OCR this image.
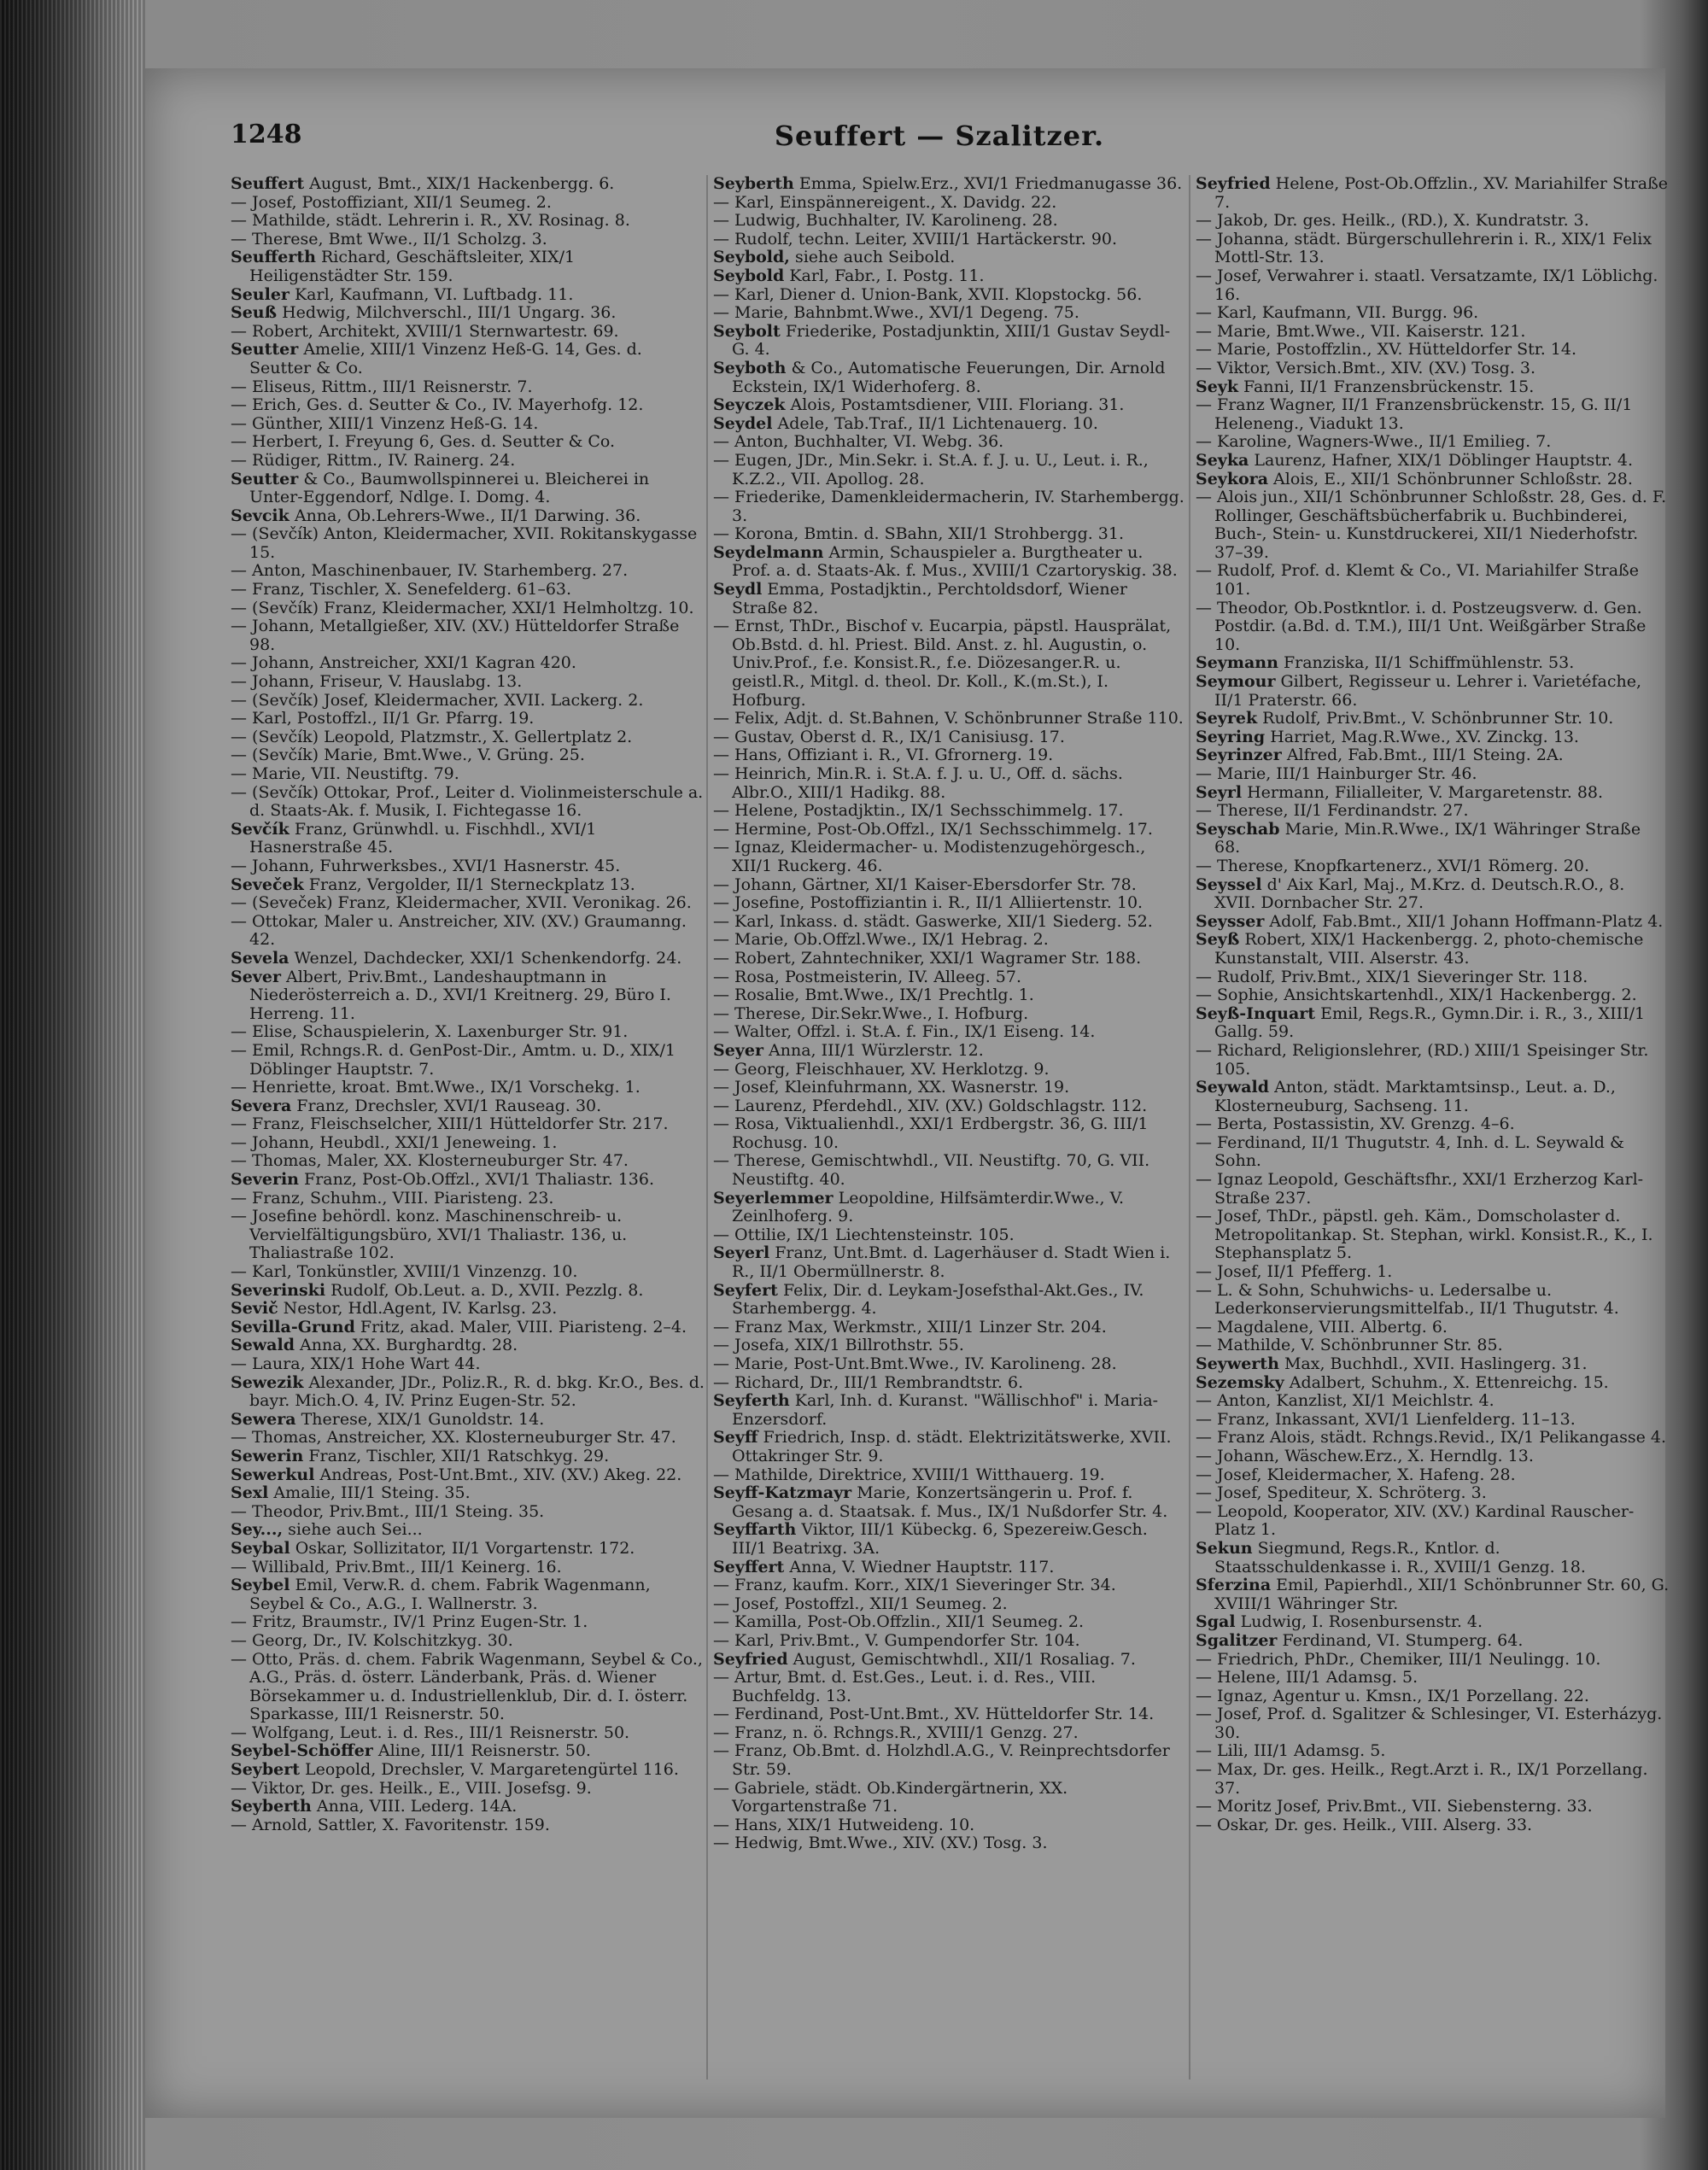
1248	Seuffert — Szalitzer.
Seuffert August, Bmt., XIX/1 Hackenbergg. 6.
— Josef, Postoffiziant, XII/1 Seumeg. 2.
— Mathilde, städt. Lehrerin i. R., XV. Rosinag. 8.
— Therese, Bmt Wwe., II/1 Scholzg. 3.
Seufferth Richard, Geschäftsleiter, XIX/1 Heiligenstädter Str. 159.
Seuler Karl, Kaufmann, VI. Luftbadg. 11.
Seuß Hedwig, Milchverschl., III/1 Ungarg. 36.
— Robert, Architekt, XVIII/1 Sternwartestr. 69.
Seutter Amelie, XIII/1 Vinzenz Heß-G. 14, Ges. d. Seutter & Co.
— Eliseus, Rittm., III/1 Reisnerstr. 7.
— Erich, Ges. d. Seutter & Co., IV. Mayerhofg. 12.
— Günther, XIII/1 Vinzenz Heß-G. 14.
— Herbert, I. Freyung 6, Ges. d. Seutter & Co.
— Rüdiger, Rittm., IV. Rainerg. 24.
Seutter & Co., Baumwollspinnerei u. Bleicherei in Unter-Eggendorf, Ndlge. I. Domg. 4.
Sevcik Anna, Ob.Lehrers-Wwe., II/1 Darwing. 36.
— (Sevčík) Anton, Kleidermacher, XVII. Rokitanskygasse 15.
— Anton, Maschinenbauer, IV. Starhemberg. 27.
— Franz, Tischler, X. Senefelderg. 61–63.
— (Sevčík) Franz, Kleidermacher, XXI/1 Helmholtzg. 10.
— Johann, Metallgießer, XIV. (XV.) Hütteldorfer Straße 98.
— Johann, Anstreicher, XXI/1 Kagran 420.
— Johann, Friseur, V. Hauslabg. 13.
— (Sevčík) Josef, Kleidermacher, XVII. Lackerg. 2.
— Karl, Postoffzl., II/1 Gr. Pfarrg. 19.
— (Sevčík) Leopold, Platzmstr., X. Gellertplatz 2.
— (Sevčík) Marie, Bmt.Wwe., V. Grüng. 25.
— Marie, VII. Neustiftg. 79.
— (Sevčík) Ottokar, Prof., Leiter d. Violinmeisterschule a. d. Staats-Ak. f. Musik, I. Fichtegasse 16.
Sevčík Franz, Grünwhdl. u. Fischhdl., XVI/1 Hasnerstraße 45.
— Johann, Fuhrwerksbes., XVI/1 Hasnerstr. 45.
Seveček Franz, Vergolder, II/1 Sterneckplatz 13.
— (Seveček) Franz, Kleidermacher, XVII. Veronikag. 26.
— Ottokar, Maler u. Anstreicher, XIV. (XV.) Graumanng. 42.
Sevela Wenzel, Dachdecker, XXI/1 Schenkendorfg. 24.
Sever Albert, Priv.Bmt., Landeshauptmann in Niederösterreich a. D., XVI/1 Kreitnerg. 29, Büro I. Herreng. 11.
— Elise, Schauspielerin, X. Laxenburger Str. 91.
— Emil, Rchngs.R. d. GenPost-Dir., Amtm. u. D., XIX/1 Döblinger Hauptstr. 7.
— Henriette, kroat. Bmt.Wwe., IX/1 Vorschekg. 1.
Severa Franz, Drechsler, XVI/1 Rauseag. 30.
— Franz, Fleischselcher, XIII/1 Hütteldorfer Str. 217.
— Johann, Heubdl., XXI/1 Jeneweing. 1.
— Thomas, Maler, XX. Klosterneuburger Str. 47.
Severin Franz, Post-Ob.Offzl., XVI/1 Thaliastr. 136.
— Franz, Schuhm., VIII. Piaristeng. 23.
— Josefine behördl. konz. Maschinenschreib- u. Vervielfältigungsbüro, XVI/1 Thaliastr. 136, u. Thaliastraße 102.
— Karl, Tonkünstler, XVIII/1 Vinzenzg. 10.
Severinski Rudolf, Ob.Leut. a. D., XVII. Pezzlg. 8.
Sevič Nestor, Hdl.Agent, IV. Karlsg. 23.
Sevilla-Grund Fritz, akad. Maler, VIII. Piaristeng. 2–4.
Sewald Anna, XX. Burghardtg. 28.
— Laura, XIX/1 Hohe Wart 44.
Sewezik Alexander, JDr., Poliz.R., R. d. bkg. Kr.O., Bes. d. bayr. Mich.O. 4, IV. Prinz Eugen-Str. 52.
Sewera Therese, XIX/1 Gunoldstr. 14.
— Thomas, Anstreicher, XX. Klosterneuburger Str. 47.
Sewerin Franz, Tischler, XII/1 Ratschkyg. 29.
Sewerkul Andreas, Post-Unt.Bmt., XIV. (XV.) Akeg. 22.
Sexl Amalie, III/1 Steing. 35.
— Theodor, Priv.Bmt., III/1 Steing. 35.
Sey..., siehe auch Sei...
Seybal Oskar, Sollizitator, II/1 Vorgartenstr. 172.
— Willibald, Priv.Bmt., III/1 Keinerg. 16.
Seybel Emil, Verw.R. d. chem. Fabrik Wagenmann, Seybel & Co., A.G., I. Wallnerstr. 3.
— Fritz, Braumstr., IV/1 Prinz Eugen-Str. 1.
— Georg, Dr., IV. Kolschitzkyg. 30.
— Otto, Präs. d. chem. Fabrik Wagenmann, Seybel & Co., A.G., Präs. d. österr. Länderbank, Präs. d. Wiener Börsekammer u. d. Industriellenklub, Dir. d. I. österr. Sparkasse, III/1 Reisnerstr. 50.
— Wolfgang, Leut. i. d. Res., III/1 Reisnerstr. 50.
Seybel-Schöffer Aline, III/1 Reisnerstr. 50.
Seybert Leopold, Drechsler, V. Margaretengürtel 116.
— Viktor, Dr. ges. Heilk., E., VIII. Josefsg. 9.
Seyberth Anna, VIII. Lederg. 14A.
— Arnold, Sattler, X. Favoritenstr. 159.
Seyberth Emma, Spielw.Erz., XVI/1 Friedmanugasse 36.
— Karl, Einspännereigent., X. Davidg. 22.
— Ludwig, Buchhalter, IV. Karolineng. 28.
— Rudolf, techn. Leiter, XVIII/1 Hartäckerstr. 90.
Seybold, siehe auch Seibold.
Seybold Karl, Fabr., I. Postg. 11.
— Karl, Diener d. Union-Bank, XVII. Klopstockg. 56.
— Marie, Bahnbmt.Wwe., XVI/1 Degeng. 75.
Seybolt Friederike, Postadjunktin, XIII/1 Gustav Seydl-G. 4.
Seyboth & Co., Automatische Feuerungen, Dir. Arnold Eckstein, IX/1 Widerhoferg. 8.
Seyczek Alois, Postamtsdiener, VIII. Floriang. 31.
Seydel Adele, Tab.Traf., II/1 Lichtenauerg. 10.
— Anton, Buchhalter, VI. Webg. 36.
— Eugen, JDr., Min.Sekr. i. St.A. f. J. u. U., Leut. i. R., K.Z.2., VII. Apollog. 28.
— Friederike, Damenkleidermacherin, IV. Starhembergg. 3.
— Korona, Bmtin. d. SBahn, XII/1 Strohbergg. 31.
Seydelmann Armin, Schauspieler a. Burgtheater u. Prof. a. d. Staats-Ak. f. Mus., XVIII/1 Czartoryskig. 38.
Seydl Emma, Postadjktin., Perchtoldsdorf, Wiener Straße 82.
— Ernst, ThDr., Bischof v. Eucarpia, päpstl. Hausprälat, Ob.Bstd. d. hl. Priest. Bild. Anst. z. hl. Augustin, o. Univ.Prof., f.e. Konsist.R., f.e. Diözesanger.R. u. geistl.R., Mitgl. d. theol. Dr. Koll., K.(m.St.), I. Hofburg.
— Felix, Adjt. d. St.Bahnen, V. Schönbrunner Straße 110.
— Gustav, Oberst d. R., IX/1 Canisiusg. 17.
— Hans, Offiziant i. R., VI. Gfrornerg. 19.
— Heinrich, Min.R. i. St.A. f. J. u. U., Off. d. sächs. Albr.O., XIII/1 Hadikg. 88.
— Helene, Postadjktin., IX/1 Sechsschimmelg. 17.
— Hermine, Post-Ob.Offzl., IX/1 Sechsschimmelg. 17.
— Ignaz, Kleidermacher- u. Modistenzugehörgesch., XII/1 Ruckerg. 46.
— Johann, Gärtner, XI/1 Kaiser-Ebersdorfer Str. 78.
— Josefine, Postoffiziantin i. R., II/1 Alliiertenstr. 10.
— Karl, Inkass. d. städt. Gaswerke, XII/1 Siederg. 52.
— Marie, Ob.Offzl.Wwe., IX/1 Hebrag. 2.
— Robert, Zahntechniker, XXI/1 Wagramer Str. 188.
— Rosa, Postmeisterin, IV. Alleeg. 57.
— Rosalie, Bmt.Wwe., IX/1 Prechtlg. 1.
— Therese, Dir.Sekr.Wwe., I. Hofburg.
— Walter, Offzl. i. St.A. f. Fin., IX/1 Eiseng. 14.
Seyer Anna, III/1 Würzlerstr. 12.
— Georg, Fleischhauer, XV. Herklotzg. 9.
— Josef, Kleinfuhrmann, XX. Wasnerstr. 19.
— Laurenz, Pferdehdl., XIV. (XV.) Goldschlagstr. 112.
— Rosa, Viktualienhdl., XXI/1 Erdbergstr. 36, G. III/1 Rochusg. 10.
— Therese, Gemischtwhdl., VII. Neustiftg. 70, G. VII. Neustiftg. 40.
Seyerlemmer Leopoldine, Hilfsämterdir.Wwe., V. Zeinlhoferg. 9.
— Ottilie, IX/1 Liechtensteinstr. 105.
Seyerl Franz, Unt.Bmt. d. Lagerhäuser d. Stadt Wien i. R., II/1 Obermüllnerstr. 8.
Seyfert Felix, Dir. d. Leykam-Josefsthal-Akt.Ges., IV. Starhembergg. 4.
— Franz Max, Werkmstr., XIII/1 Linzer Str. 204.
— Josefa, XIX/1 Billrothstr. 55.
— Marie, Post-Unt.Bmt.Wwe., IV. Karolineng. 28.
— Richard, Dr., III/1 Rembrandtstr. 6.
Seyferth Karl, Inh. d. Kuranst. "Wällischhof" i. Maria-Enzersdorf.
Seyff Friedrich, Insp. d. städt. Elektrizitätswerke, XVII. Ottakringer Str. 9.
— Mathilde, Direktrice, XVIII/1 Witthauerg. 19.
Seyff-Katzmayr Marie, Konzertsängerin u. Prof. f. Gesang a. d. Staatsak. f. Mus., IX/1 Nußdorfer Str. 4.
Seyffarth Viktor, III/1 Kübeckg. 6, Spezereiw.Gesch. III/1 Beatrixg. 3A.
Seyffert Anna, V. Wiedner Hauptstr. 117.
— Franz, kaufm. Korr., XIX/1 Sieveringer Str. 34.
— Josef, Postoffzl., XII/1 Seumeg. 2.
— Kamilla, Post-Ob.Offzlin., XII/1 Seumeg. 2.
— Karl, Priv.Bmt., V. Gumpendorfer Str. 104.
Seyfried August, Gemischtwhdl., XII/1 Rosaliag. 7.
— Artur, Bmt. d. Est.Ges., Leut. i. d. Res., VIII. Buchfeldg. 13.
— Ferdinand, Post-Unt.Bmt., XV. Hütteldorfer Str. 14.
— Franz, n. ö. Rchngs.R., XVIII/1 Genzg. 27.
— Franz, Ob.Bmt. d. Holzhdl.A.G., V. Reinprechtsdorfer Str. 59.
— Gabriele, städt. Ob.Kindergärtnerin, XX. Vorgartenstraße 71.
— Hans, XIX/1 Hutweideng. 10.
— Hedwig, Bmt.Wwe., XIV. (XV.) Tosg. 3.
Seyfried Helene, Post-Ob.Offzlin., XV. Mariahilfer Straße 7.
— Jakob, Dr. ges. Heilk., (RD.), X. Kundratstr. 3.
— Johanna, städt. Bürgerschullehrerin i. R., XIX/1 Felix Mottl-Str. 13.
— Josef, Verwahrer i. staatl. Versatzamte, IX/1 Löblichg. 16.
— Karl, Kaufmann, VII. Burgg. 96.
— Marie, Bmt.Wwe., VII. Kaiserstr. 121.
— Marie, Postoffzlin., XV. Hütteldorfer Str. 14.
— Viktor, Versich.Bmt., XIV. (XV.) Tosg. 3.
Seyk Fanni, II/1 Franzensbrückenstr. 15.
— Franz Wagner, II/1 Franzensbrückenstr. 15, G. II/1 Heleneng., Viadukt 13.
— Karoline, Wagners-Wwe., II/1 Emilieg. 7.
Seyka Laurenz, Hafner, XIX/1 Döblinger Hauptstr. 4.
Seykora Alois, E., XII/1 Schönbrunner Schloßstr. 28.
— Alois jun., XII/1 Schönbrunner Schloßstr. 28, Ges. d. F. Rollinger, Geschäftsbücherfabrik u. Buchbinderei, Buch-, Stein- u. Kunstdruckerei, XII/1 Niederhofstr. 37–39.
— Rudolf, Prof. d. Klemt & Co., VI. Mariahilfer Straße 101.
— Theodor, Ob.Postkntlor. i. d. Postzeugsverw. d. Gen. Postdir. (a.Bd. d. T.M.), III/1 Unt. Weißgärber Straße 10.
Seymann Franziska, II/1 Schiffmühlenstr. 53.
Seymour Gilbert, Regisseur u. Lehrer i. Varietéfache, II/1 Praterstr. 66.
Seyrek Rudolf, Priv.Bmt., V. Schönbrunner Str. 10.
Seyring Harriet, Mag.R.Wwe., XV. Zinckg. 13.
Seyrinzer Alfred, Fab.Bmt., III/1 Steing. 2A.
— Marie, III/1 Hainburger Str. 46.
Seyrl Hermann, Filialleiter, V. Margaretenstr. 88.
— Therese, II/1 Ferdinandstr. 27.
Seyschab Marie, Min.R.Wwe., IX/1 Währinger Straße 68.
— Therese, Knopfkartenerz., XVI/1 Römerg. 20.
Seyssel d' Aix Karl, Maj., M.Krz. d. Deutsch.R.O., 8. XVII. Dornbacher Str. 27.
Seysser Adolf, Fab.Bmt., XII/1 Johann Hoffmann-Platz 4.
Seyß Robert, XIX/1 Hackenbergg. 2, photo-chemische Kunstanstalt, VIII. Alserstr. 43.
— Rudolf, Priv.Bmt., XIX/1 Sieveringer Str. 118.
— Sophie, Ansichtskartenhdl., XIX/1 Hackenbergg. 2.
Seyß-Inquart Emil, Regs.R., Gymn.Dir. i. R., 3., XIII/1 Gallg. 59.
— Richard, Religionslehrer, (RD.) XIII/1 Speisinger Str. 105.
Seywald Anton, städt. Marktamtsinsp., Leut. a. D., Klosterneuburg, Sachseng. 11.
— Berta, Postassistin, XV. Grenzg. 4–6.
— Ferdinand, II/1 Thugutstr. 4, Inh. d. L. Seywald & Sohn.
— Ignaz Leopold, Geschäftsfhr., XXI/1 Erzherzog Karl-Straße 237.
— Josef, ThDr., päpstl. geh. Käm., Domscholaster d. Metropolitankap. St. Stephan, wirkl. Konsist.R., K., I. Stephansplatz 5.
— Josef, II/1 Pfefferg. 1.
— L. & Sohn, Schuhwichs- u. Ledersalbe u. Lederkonservierungsmittelfab., II/1 Thugutstr. 4.
— Magdalene, VIII. Albertg. 6.
— Mathilde, V. Schönbrunner Str. 85.
Seywerth Max, Buchhdl., XVII. Haslingerg. 31.
Sezemsky Adalbert, Schuhm., X. Ettenreichg. 15.
— Anton, Kanzlist, XI/1 Meichlstr. 4.
— Franz, Inkassant, XVI/1 Lienfelderg. 11–13.
— Franz Alois, städt. Rchngs.Revid., IX/1 Pelikangasse 4.
— Johann, Wäschew.Erz., X. Herndlg. 13.
— Josef, Kleidermacher, X. Hafeng. 28.
— Josef, Spediteur, X. Schröterg. 3.
— Leopold, Kooperator, XIV. (XV.) Kardinal Rauscher-Platz 1.
Sekun Siegmund, Regs.R., Kntlor. d. Staatsschuldenkasse i. R., XVIII/1 Genzg. 18.
Sferzina Emil, Papierhdl., XII/1 Schönbrunner Str. 60, G. XVIII/1 Währinger Str.
Sgal Ludwig, I. Rosenbursenstr. 4.
Sgalitzer Ferdinand, VI. Stumperg. 64.
— Friedrich, PhDr., Chemiker, III/1 Neulingg. 10.
— Helene, III/1 Adamsg. 5.
— Ignaz, Agentur u. Kmsn., IX/1 Porzellang. 22.
— Josef, Prof. d. Sgalitzer & Schlesinger, VI. Esterházyg. 30.
— Lili, III/1 Adamsg. 5.
— Max, Dr. ges. Heilk., Regt.Arzt i. R., IX/1 Porzellang. 37.
— Moritz Josef, Priv.Bmt., VII. Siebensterng. 33.
— Oskar, Dr. ges. Heilk., VIII. Alserg. 33.
